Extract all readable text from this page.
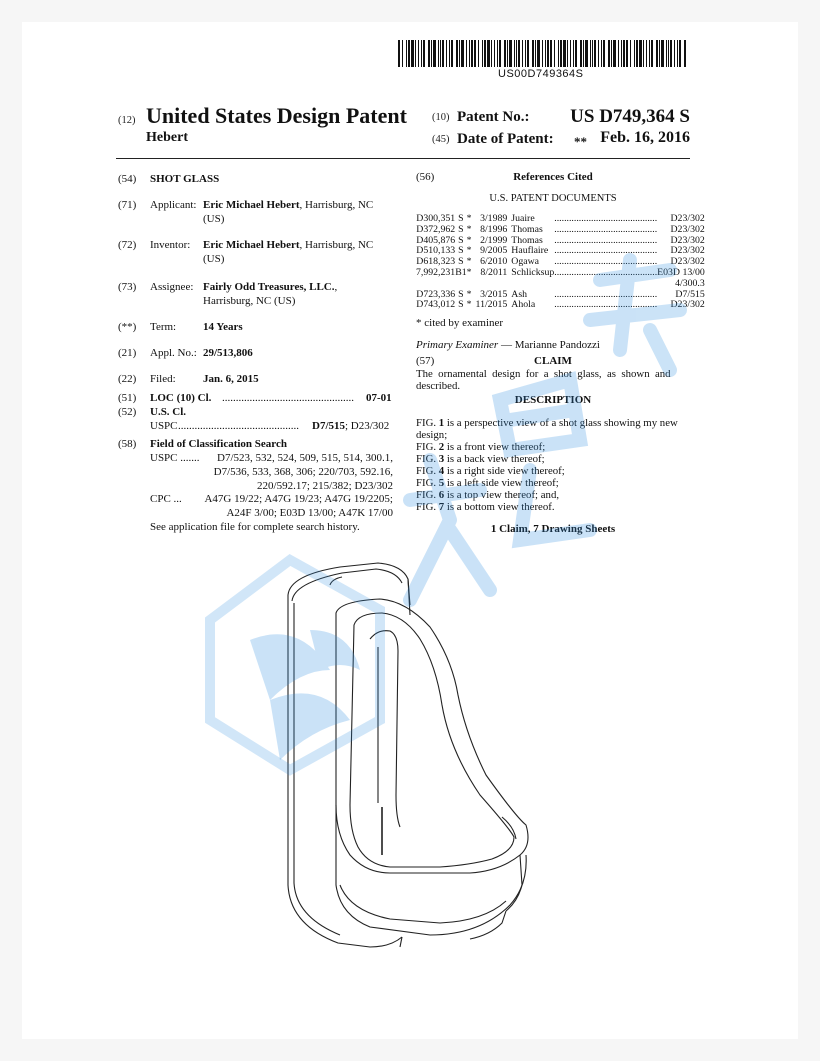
US00D749364S
(12) United States Design Patent
Hebert
(10) Patent No.: US D749,364 S
(45) Date of Patent: ** Feb. 16, 2016
(54) SHOT GLASS
(71) Applicant: Eric Michael Hebert, Harrisburg, NC
(US)
(72) Inventor: Eric Michael Hebert, Harrisburg, NC
(US)
(73) Assignee: Fairly Odd Treasures, LLC.,
Harrisburg, NC (US)
(**) Term: 14 Years
(21) Appl. No.: 29/513,806
(22) Filed: Jan. 6, 2015
(51) LOC (10) Cl. ................................................	07-01
(52) U.S. Cl.
USPC ............................................	D7/515; D23/302
(58) Field of Classification Search
USPC .......	D7/523, 532, 524, 509, 515, 514, 300.1,
D7/536, 533, 368, 306; 220/703, 592.16,
220/592.17; 215/382; D23/302
CPC ...	A47G 19/22; A47G 19/23; A47G 19/2205;
A24F 3/00; E03D 13/00; A47K 17/00
See application file for complete search history.
(56)	References Cited
U.S. PATENT DOCUMENTS
D300,351	S	*	3/1989	Juaire	..........................................	D23/302
D372,962	S	*	8/1996	Thomas	..........................................	D23/302
D405,876	S	*	2/1999	Thomas	..........................................	D23/302
D510,133	S	*	9/2005	Hauflaire	..........................................	D23/302
D618,323	S	*	6/2010	Ogawa	..........................................	D23/302
7,992,231	B1	*	8/2011	Schlicksup	..........................................	E03D 13/00
						4/300.3
D723,336	S	*	3/2015	Ash	..........................................	D7/515
D743,012	S	*	11/2015	Ahola	..........................................	D23/302
* cited by examiner
Primary Examiner — Marianne Pandozzi
(57)	CLAIM
The  ornamental  design  for  a  shot  glass,  as  shown  and
described.
DESCRIPTION
FIG. 1 is a perspective view of a shot glass showing my new
design;
FIG. 2 is a front view thereof;
FIG. 3 is a back view thereof;
FIG. 4 is a right side view thereof;
FIG. 5 is a left side view thereof;
FIG. 6 is a top view thereof; and,
FIG. 7 is a bottom view thereof.
1 Claim, 7 Drawing Sheets
